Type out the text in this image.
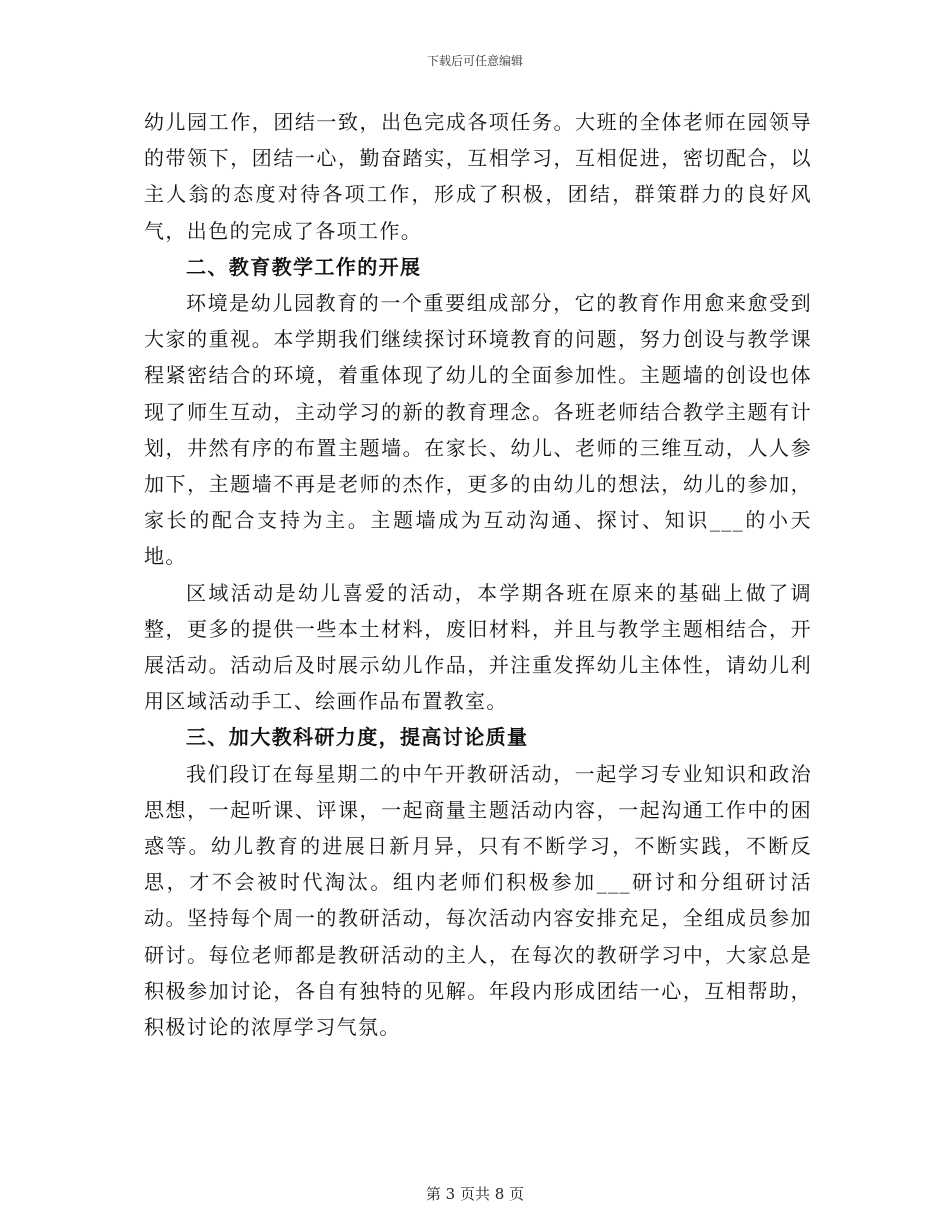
下载后可任意编辑

幼儿园工作，团结一致，出色完成各项任务。大班的全体老师在园领导的带领下，团结一心，勤奋踏实，互相学习，互相促进，密切配合，以主人翁的态度对待各项工作，形成了积极，团结，群策群力的良好风气，出色的完成了各项工作。

二、教育教学工作的开展

环境是幼儿园教育的一个重要组成部分，它的教育作用愈来愈受到大家的重视。本学期我们继续探讨环境教育的问题，努力创设与教学课程紧密结合的环境，着重体现了幼儿的全面参加性。主题墙的创设也体现了师生互动，主动学习的新的教育理念。各班老师结合教学主题有计划，井然有序的布置主题墙。在家长、幼儿、老师的三维互动，人人参加下，主题墙不再是老师的杰作，更多的由幼儿的想法，幼儿的参加，家长的配合支持为主。主题墙成为互动沟通、探讨、知识___的小天地。

区域活动是幼儿喜爱的活动，本学期各班在原来的基础上做了调整，更多的提供一些本土材料，废旧材料，并且与教学主题相结合，开展活动。活动后及时展示幼儿作品，并注重发挥幼儿主体性，请幼儿利用区域活动手工、绘画作品布置教室。

三、加大教科研力度，提高讨论质量

我们段订在每星期二的中午开教研活动，一起学习专业知识和政治思想，一起听课、评课，一起商量主题活动内容，一起沟通工作中的困惑等。幼儿教育的进展日新月异，只有不断学习，不断实践，不断反思，才不会被时代淘汰。组内老师们积极参加___研讨和分组研讨活动。坚持每个周一的教研活动，每次活动内容安排充足，全组成员参加研讨。每位老师都是教研活动的主人，在每次的教研学习中，大家总是积极参加讨论，各自有独特的见解。年段内形成团结一心，互相帮助，积极讨论的浓厚学习气氛。

第 3 页共 8 页
